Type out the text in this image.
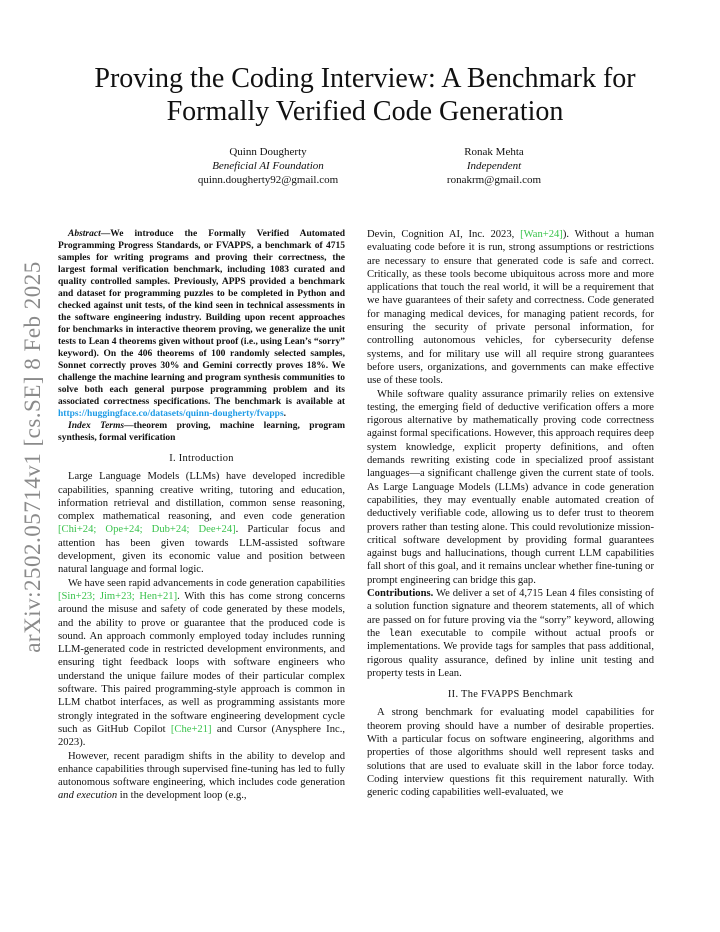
arXiv:2502.05714v1 [cs.SE] 8 Feb 2025
Proving the Coding Interview: A Benchmark for Formally Verified Code Generation
Quinn Dougherty
Beneficial AI Foundation
quinn.dougherty92@gmail.com
Ronak Mehta
Independent
ronakrm@gmail.com

Abstract—We introduce the Formally Verified Automated Programming Progress Standards, or FVAPPS, a benchmark of 4715 samples for writing programs and proving their correctness, the largest formal verification benchmark, including 1083 curated and quality controlled samples. Previously, APPS provided a benchmark and dataset for programming puzzles to be completed in Python and checked against unit tests, of the kind seen in technical assessments in the software engineering industry. Building upon recent approaches for benchmarks in interactive theorem proving, we generalize the unit tests to Lean 4 theorems given without proof (i.e., using Lean’s “sorry” keyword). On the 406 theorems of 100 randomly selected samples, Sonnet correctly proves 30% and Gemini correctly proves 18%. We challenge the machine learning and program synthesis communities to solve both each general purpose programming problem and its associated correctness specifications. The benchmark is available at https://huggingface.co/datasets/quinn-dougherty/fvapps.

Index Terms—theorem proving, machine learning, program synthesis, formal verification

I. Introduction

Large Language Models (LLMs) have developed incredible capabilities, spanning creative writing, tutoring and education, information retrieval and distillation, common sense reasoning, complex mathematical reasoning, and even code generation [Chi+24; Ope+24; Dub+24; Dee+24]. Particular focus and attention has been given towards LLM-assisted software development, given its economic value and position between natural language and formal logic.

We have seen rapid advancements in code generation capabilities [Sin+23; Jim+23; Hen+21]. With this has come strong concerns around the misuse and safety of code generated by these models, and the ability to prove or guarantee that the produced code is sound. An approach commonly employed today includes running LLM-generated code in restricted development environments, and ensuring tight feedback loops with software engineers who understand the unique failure modes of their particular complex software. This paired programming-style approach is common in LLM chatbot interfaces, as well as programming assistants more strongly integrated in the software engineering development cycle such as GitHub Copilot [Che+21] and Cursor (Anysphere Inc., 2023).

However, recent paradigm shifts in the ability to develop and enhance capabilities through supervised fine-tuning has led to fully autonomous software engineering, which includes code generation and execution in the development loop (e.g.,

Devin, Cognition AI, Inc. 2023, [Wan+24]). Without a human evaluating code before it is run, strong assumptions or restrictions are necessary to ensure that generated code is safe and correct. Critically, as these tools become ubiquitous across more and more applications that touch the real world, it will be a requirement that we have guarantees of their safety and correctness. Code generated for managing medical devices, for managing patient records, for ensuring the security of private personal information, for controlling autonomous vehicles, for cybersecurity defense systems, and for military use will all require strong guarantees before users, organizations, and governments can make effective use of these tools.

While software quality assurance primarily relies on extensive testing, the emerging field of deductive verification offers a more rigorous alternative by mathematically proving code correctness against formal specifications. However, this approach requires deep system knowledge, explicit property definitions, and often demands rewriting existing code in specialized proof assistant languages—a significant challenge given the current state of tools. As Large Language Models (LLMs) advance in code generation capabilities, they may eventually enable automated creation of deductively verifiable code, allowing us to defer trust to theorem provers rather than testing alone. This could revolutionize mission-critical software development by providing formal guarantees against bugs and hallucinations, though current LLM capabilities fall short of this goal, and it remains unclear whether fine-tuning or prompt engineering can bridge this gap.

Contributions. We deliver a set of 4,715 Lean 4 files consisting of a solution function signature and theorem statements, all of which are passed on for future proving via the “sorry” keyword, allowing the lean executable to compile without actual proofs or implementations. We provide tags for samples that pass additional, rigorous quality assurance, defined by inline unit testing and property tests in Lean.

II. The FVAPPS Benchmark

A strong benchmark for evaluating model capabilities for theorem proving should have a number of desirable properties. With a particular focus on software engineering, algorithms and properties of those algorithms should well represent tasks and solutions that are used to evaluate skill in the labor force today. Coding interview questions fit this requirement naturally. With generic coding capabilities well-evaluated, we
